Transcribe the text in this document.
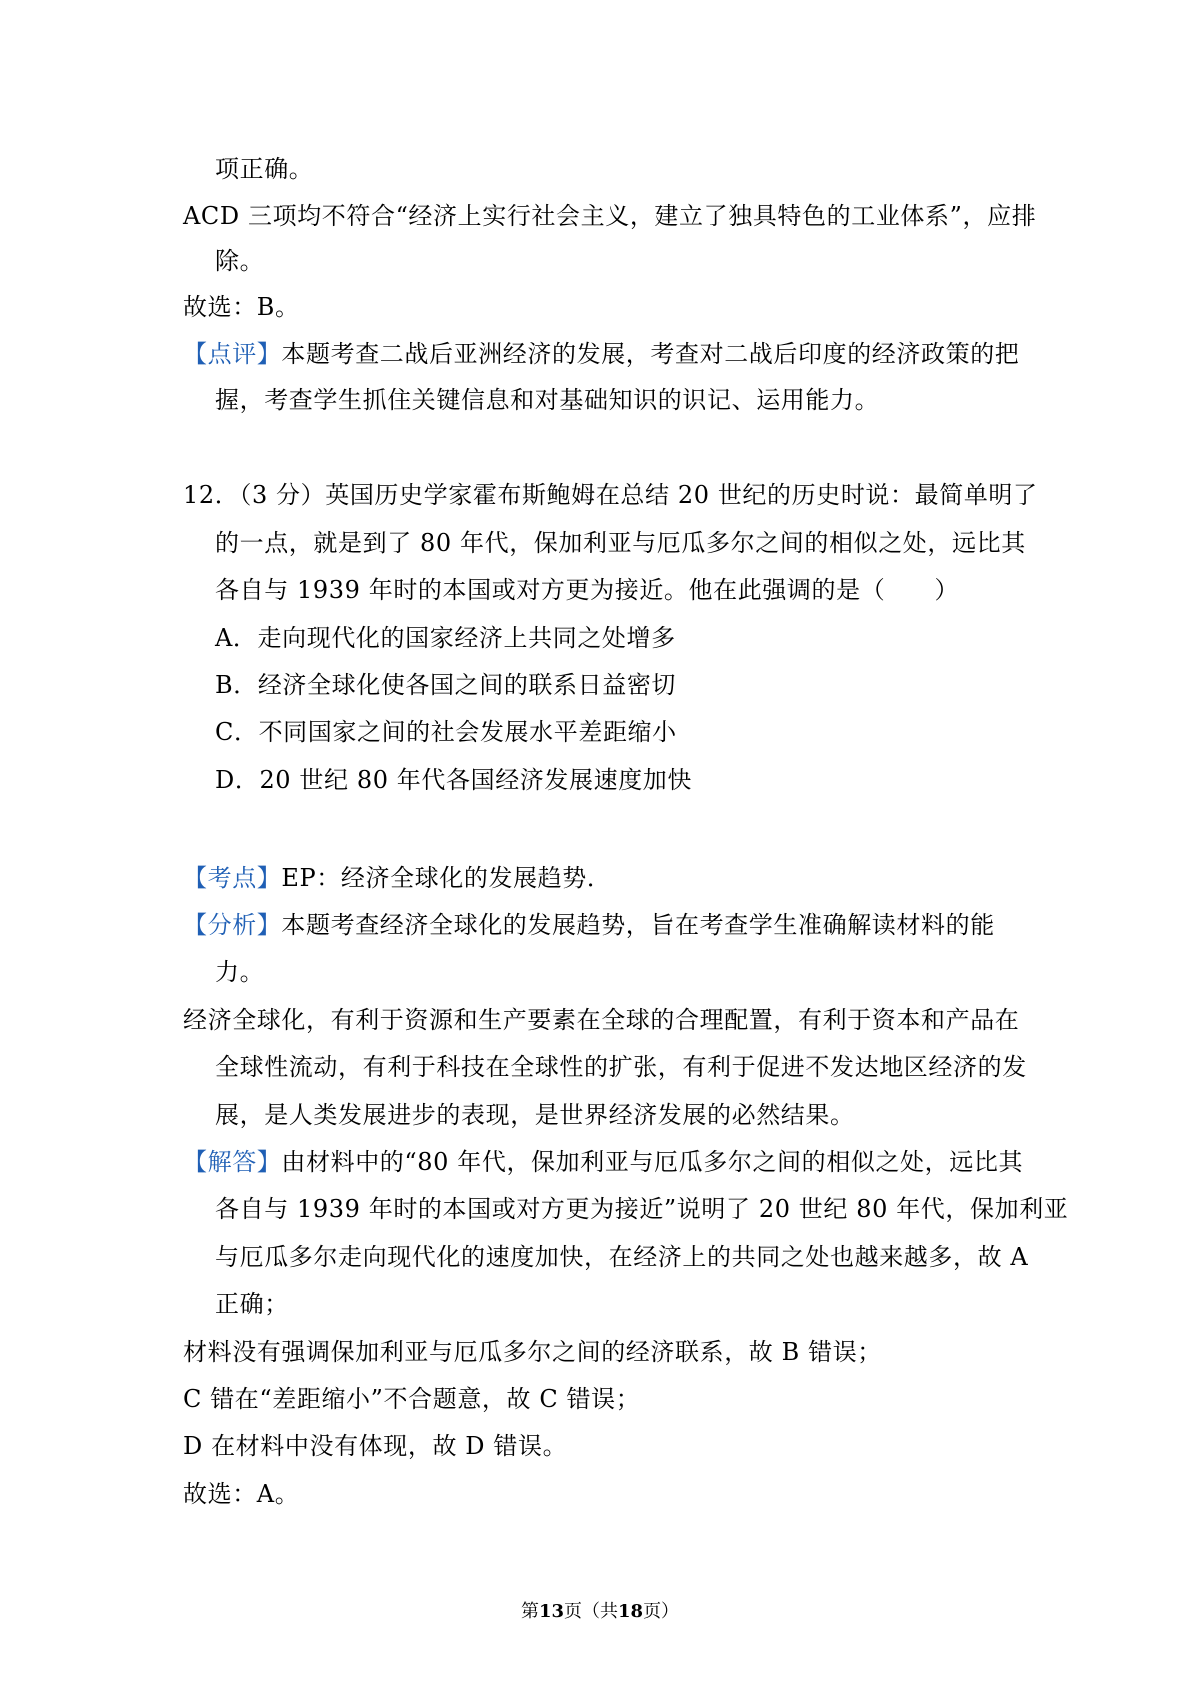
项正确。
ACD 三项均不符合“经济上实行社会主义，建立了独具特色的工业体系”，应排
除。
故选：B。
【点评】本题考查二战后亚洲经济的发展，考查对二战后印度的经济政策的把
握，考查学生抓住关键信息和对基础知识的识记、运用能力。
12．（3 分）英国历史学家霍布斯鲍姆在总结 20 世纪的历史时说：最简单明了
的一点，就是到了 80 年代，保加利亚与厄瓜多尔之间的相似之处，远比其
各自与 1939 年时的本国或对方更为接近。他在此强调的是（　　）
A．走向现代化的国家经济上共同之处增多
B．经济全球化使各国之间的联系日益密切
C．不同国家之间的社会发展水平差距缩小
D．20 世纪 80 年代各国经济发展速度加快
【考点】EP：经济全球化的发展趋势．
【分析】本题考查经济全球化的发展趋势，旨在考查学生准确解读材料的能
力。
经济全球化，有利于资源和生产要素在全球的合理配置，有利于资本和产品在
全球性流动，有利于科技在全球性的扩张，有利于促进不发达地区经济的发
展，是人类发展进步的表现，是世界经济发展的必然结果。
【解答】由材料中的“80 年代，保加利亚与厄瓜多尔之间的相似之处，远比其
各自与 1939 年时的本国或对方更为接近”说明了 20 世纪 80 年代，保加利亚
与厄瓜多尔走向现代化的速度加快，在经济上的共同之处也越来越多，故 A
正确；
材料没有强调保加利亚与厄瓜多尔之间的经济联系，故 B 错误；
C 错在“差距缩小”不合题意，故 C 错误；
D 在材料中没有体现，故 D 错误。
故选：A。
第13页（共18页）
